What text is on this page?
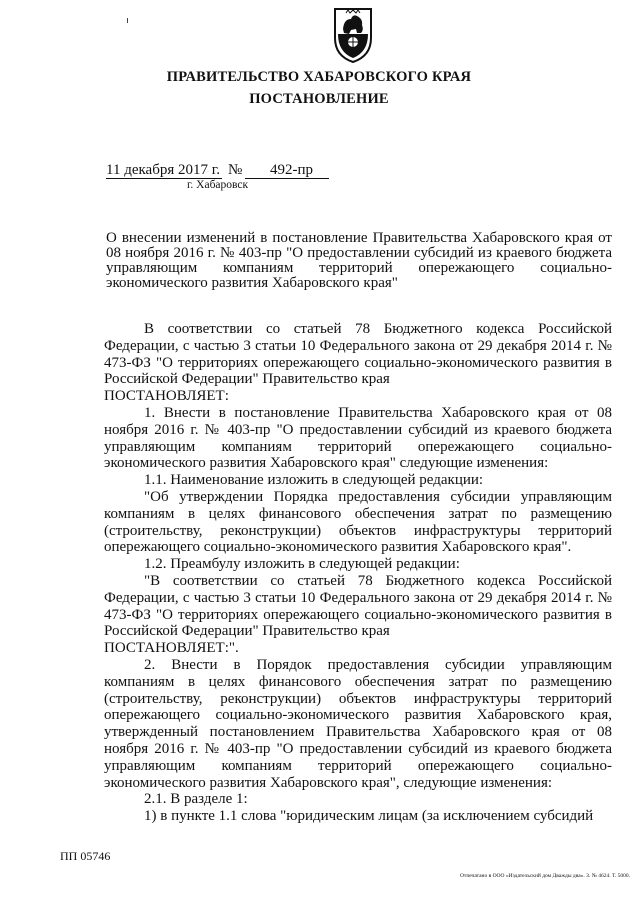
ПРАВИТЕЛЬСТВО ХАБАРОВСКОГО КРАЯ
ПОСТАНОВЛЕНИЕ
11 декабря 2017 г. № 492-пр
г. Хабаровск
О внесении изменений в постановление Правительства Хабаровского края от 08 ноября 2016 г. № 403-пр "О предоставлении субсидий из краевого бюджета управляющим компаниям территорий опережающего социально-экономического развития Хабаровского края"

В соответствии со статьей 78 Бюджетного кодекса Российской Федерации, с частью 3 статьи 10 Федерального закона от 29 декабря 2014 г. № 473-ФЗ "О территориях опережающего социально-экономического развития в Российской Федерации" Правительство края

ПОСТАНОВЛЯЕТ:

1. Внести в постановление Правительства Хабаровского края от 08 ноября 2016 г. № 403-пр "О предоставлении субсидий из краевого бюджета управляющим компаниям территорий опережающего социально-экономического развития Хабаровского края" следующие изменения:

1.1. Наименование изложить в следующей редакции:

"Об утверждении Порядка предоставления субсидии управляющим компаниям в целях финансового обеспечения затрат по размещению (строительству, реконструкции) объектов инфраструктуры территорий опережающего социально-экономического развития Хабаровского края".

1.2. Преамбулу изложить в следующей редакции:

"В соответствии со статьей 78 Бюджетного кодекса Российской Федерации, с частью 3 статьи 10 Федерального закона от 29 декабря 2014 г. № 473-ФЗ "О территориях опережающего социально-экономического развития в Российской Федерации" Правительство края

ПОСТАНОВЛЯЕТ:".

2. Внести в Порядок предоставления субсидии управляющим компаниям в целях финансового обеспечения затрат по размещению (строительству, реконструкции) объектов инфраструктуры территорий опережающего социально-экономического развития Хабаровского края, утвержденный постановлением Правительства Хабаровского края от 08 ноября 2016 г. № 403-пр "О предоставлении субсидий из краевого бюджета управляющим компаниям территорий опережающего социально-экономического развития Хабаровского края", следующие изменения:

2.1. В разделе 1:

1) в пункте 1.1 слова "юридическим лицам (за исключением субсидий

ПП 05746
Отпечатано в ООО «Издательский дом Дважды два». З. № 4624. Т. 5000.
